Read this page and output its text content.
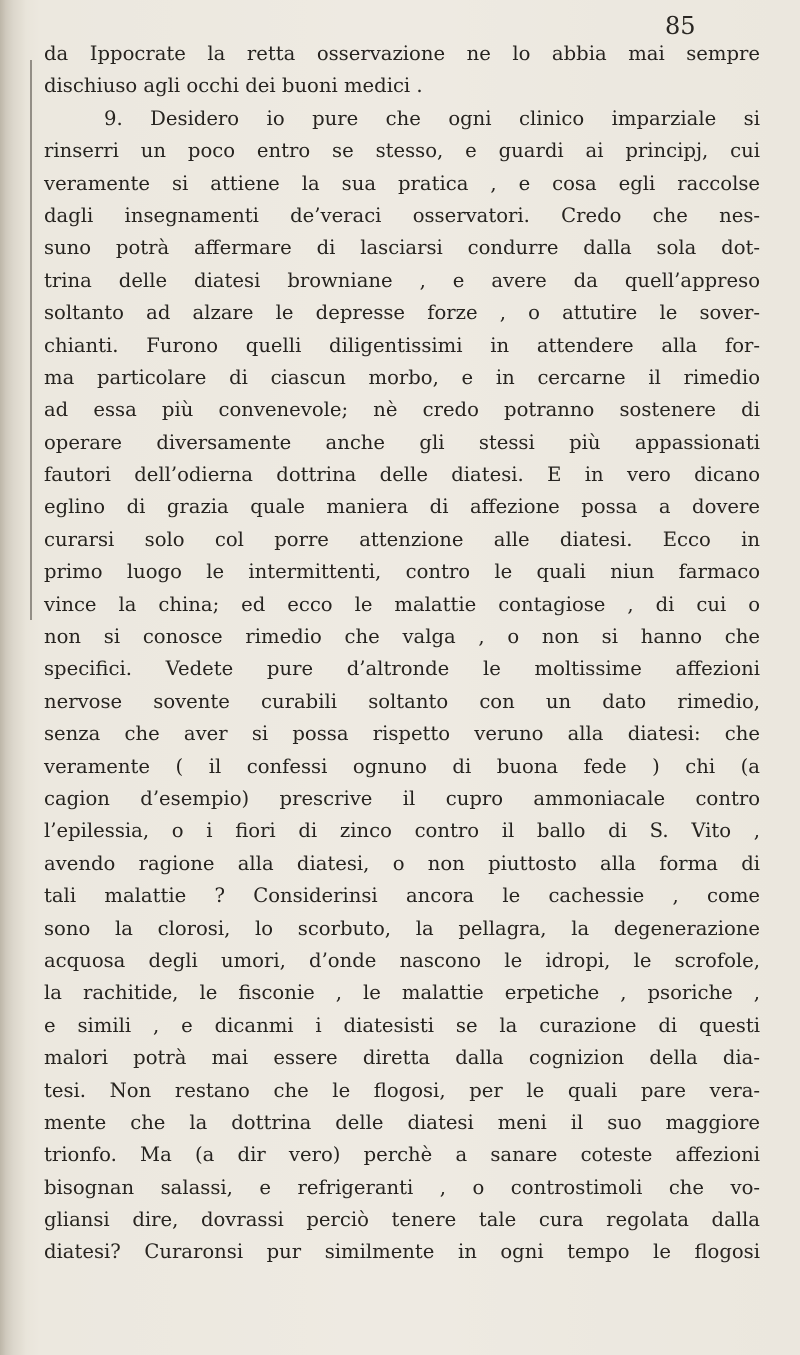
85
da Ippocrate la retta osservazione ne lo abbia mai sempre
dischiuso agli occhi dei buoni medici .
9. Desidero io pure che ogni clinico imparziale si
rinserri un poco entro se stesso, e guardi ai principj, cui
veramente si attiene la sua pratica , e cosa egli raccolse
dagli insegnamenti de’veraci osservatori. Credo che nes-
suno potrà affermare di lasciarsi condurre dalla sola dot-
trina delle diatesi browniane , e avere da quell’appreso
soltanto ad alzare le depresse forze , o attutire le sover-
chianti. Furono quelli diligentissimi in attendere alla for-
ma particolare di ciascun morbo, e in cercarne il rimedio
ad essa più convenevole; nè credo potranno sostenere di
operare diversamente anche gli stessi più appassionati
fautori dell’odierna dottrina delle diatesi. E in vero dicano
eglino di grazia quale maniera di affezione possa a dovere
curarsi solo col porre attenzione alle diatesi. Ecco in
primo luogo le intermittenti, contro le quali niun farmaco
vince la china; ed ecco le malattie contagiose , di cui o
non si conosce rimedio che valga , o non si hanno che
specifici. Vedete pure d’altronde le moltissime affezioni
nervose sovente curabili soltanto con un dato rimedio,
senza che aver si possa rispetto veruno alla diatesi: che
veramente ( il confessi ognuno di buona fede ) chi (a
cagion d’esempio) prescrive il cupro ammoniacale contro
l’epilessia, o i fiori di zinco contro il ballo di S. Vito ,
avendo ragione alla diatesi, o non piuttosto alla forma di
tali malattie ? Considerinsi ancora le cachessie , come
sono la clorosi, lo scorbuto, la pellagra, la degenerazione
acquosa degli umori, d’onde nascono le idropi, le scrofole,
la rachitide, le fisconie , le malattie erpetiche , psoriche ,
e simili , e dicanmi i diatesisti se la curazione di questi
malori potrà mai essere diretta dalla cognizion della dia-
tesi. Non restano che le flogosi, per le quali pare vera-
mente che la dottrina delle diatesi meni il suo maggiore
trionfo. Ma (a dir vero) perchè a sanare coteste affezioni
bisognan salassi, e refrigeranti , o controstimoli che vo-
gliansi dire, dovrassi perciò tenere tale cura regolata dalla
diatesi? Curaronsi pur similmente in ogni tempo le flogosi
